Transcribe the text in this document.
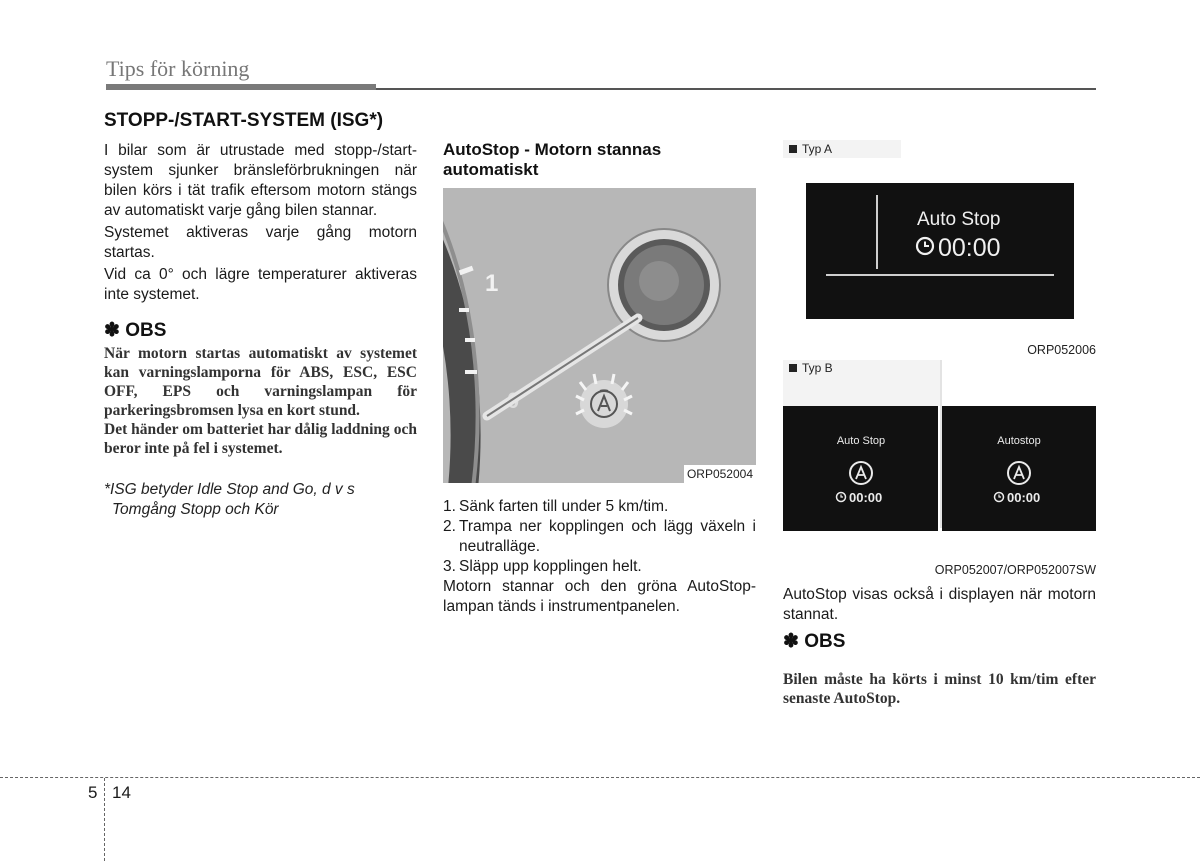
Tips för körning
STOPP-/START-SYSTEM (ISG*)

I bilar som är utrustade med stopp-/start-system sjunker bränsleförbrukningen när bilen körs i tät trafik eftersom motorn stängs av automatiskt varje gång bilen stannar.

Systemet aktiveras varje gång motorn startas.

Vid ca 0° och lägre temperaturer aktiveras inte systemet.

✽ OBS

När motorn startas automatiskt av systemet kan varningslamporna för ABS, ESC, ESC OFF, EPS och varningslampan för parkeringsbromsen lysa en kort stund.

Det händer om batteriet har dålig laddning och beror inte på fel i systemet.

*ISG betyder Idle Stop and Go, d v s
Tomgång Stopp och Kör
AutoStop - Motorn stannas automatiskt
1
ORP052004
1. Sänk farten till under 5 km/tim.
2. Trampa ner kopplingen och lägg växeln i neutralläge.
3. Släpp upp kopplingen helt.

Motorn stannar och den gröna AutoStop-lampan tänds i instrumentpanelen.

Typ A
Auto Stop
00:00
ORP052006
Typ B
Auto Stop
00:00
Autostop
00:00
ORP052007/ORP052007SW

AutoStop visas också i displayen när motorn stannat.

✽ OBS

Bilen måste ha körts i minst 10 km/tim efter senaste AutoStop.

5 14
